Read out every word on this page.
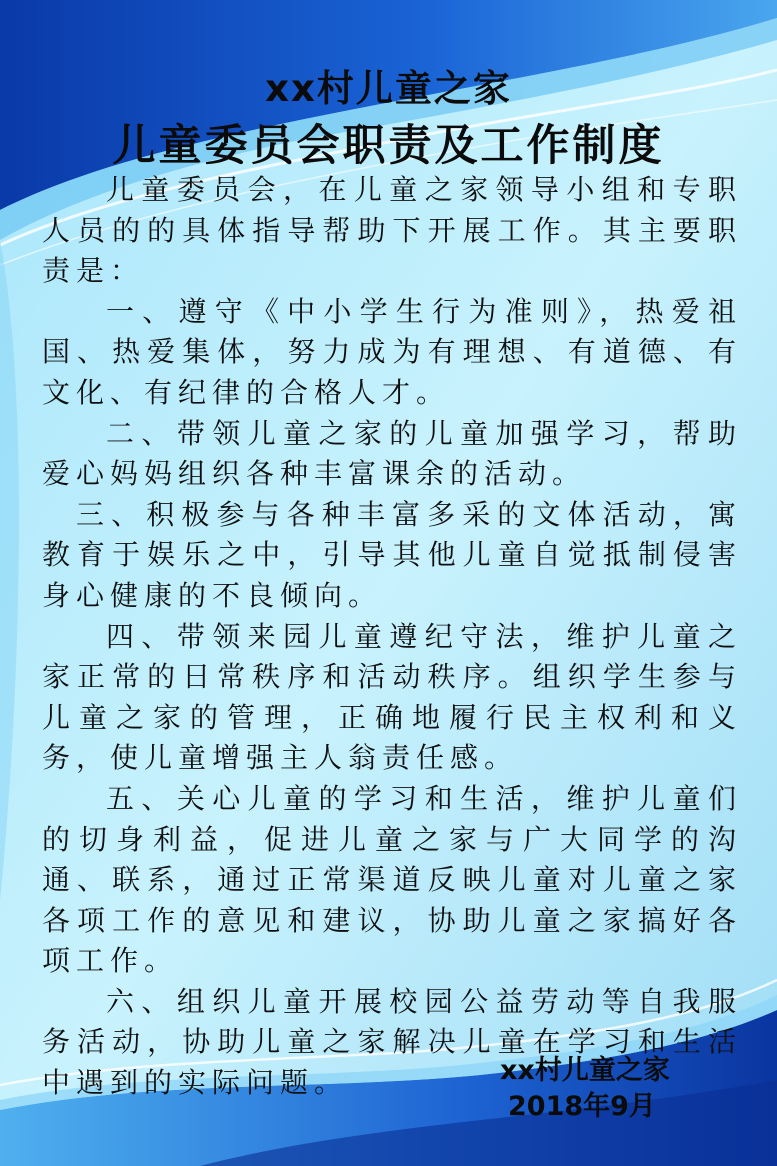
xx村儿童之家
儿童委员会职责及工作制度

儿童委员会，在儿童之家领导小组和专职人员的的具体指导帮助下开展工作。其主要职责是：

一、遵守《中小学生行为准则》，热爱祖国、热爱集体，努力成为有理想、有道德、有文化、有纪律的合格人才。

二、带领儿童之家的儿童加强学习，帮助爱心妈妈组织各种丰富课余的活动。

三、积极参与各种丰富多采的文体活动，寓教育于娱乐之中，引导其他儿童自觉抵制侵害身心健康的不良倾向。

四、带领来园儿童遵纪守法，维护儿童之家正常的日常秩序和活动秩序。组织学生参与儿童之家的管理，正确地履行民主权利和义务，使儿童增强主人翁责任感。

五、关心儿童的学习和生活，维护儿童们的切身利益，促进儿童之家与广大同学的沟通、联系，通过正常渠道反映儿童对儿童之家各项工作的意见和建议，协助儿童之家搞好各项工作。

六、组织儿童开展校园公益劳动等自我服务活动，协助儿童之家解决儿童在学习和生活中遇到的实际问题。	xx村儿童之家
2018年9月
